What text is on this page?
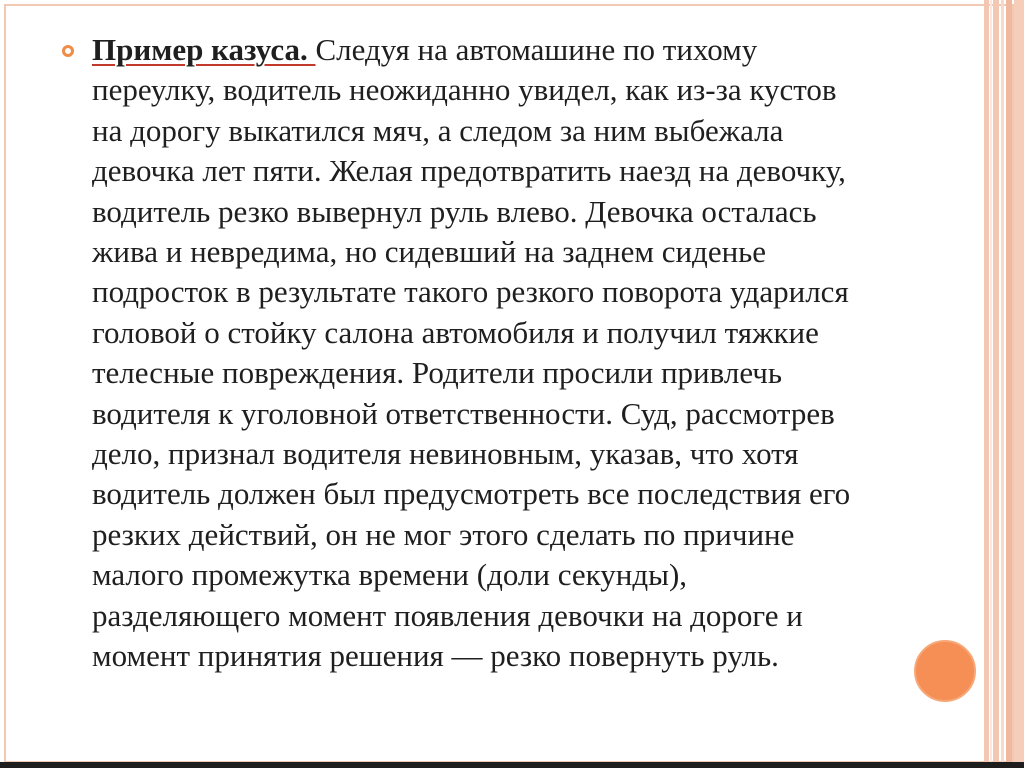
Пример казуса. Следуя на автомашине по тихому
переулку, водитель неожиданно увидел, как из-за кустов
на дорогу выкатился мяч, а следом за ним выбежала
девочка лет пяти. Желая предотвратить наезд на девочку,
водитель резко вывернул руль влево. Девочка осталась
жива и невредима, но сидевший на заднем сиденье
подросток в результате такого резкого поворота ударился
головой о стойку салона автомобиля и получил тяжкие
телесные повреждения. Родители просили привлечь
водителя к уголовной ответственности. Суд, рассмотрев
дело, признал водителя невиновным, указав, что хотя
водитель должен был предусмотреть все последствия его
резких действий, он не мог этого сделать по причине
малого промежутка времени (доли секунды),
разделяющего момент появления девочки на дороге и
момент принятия решения — резко повернуть руль.
